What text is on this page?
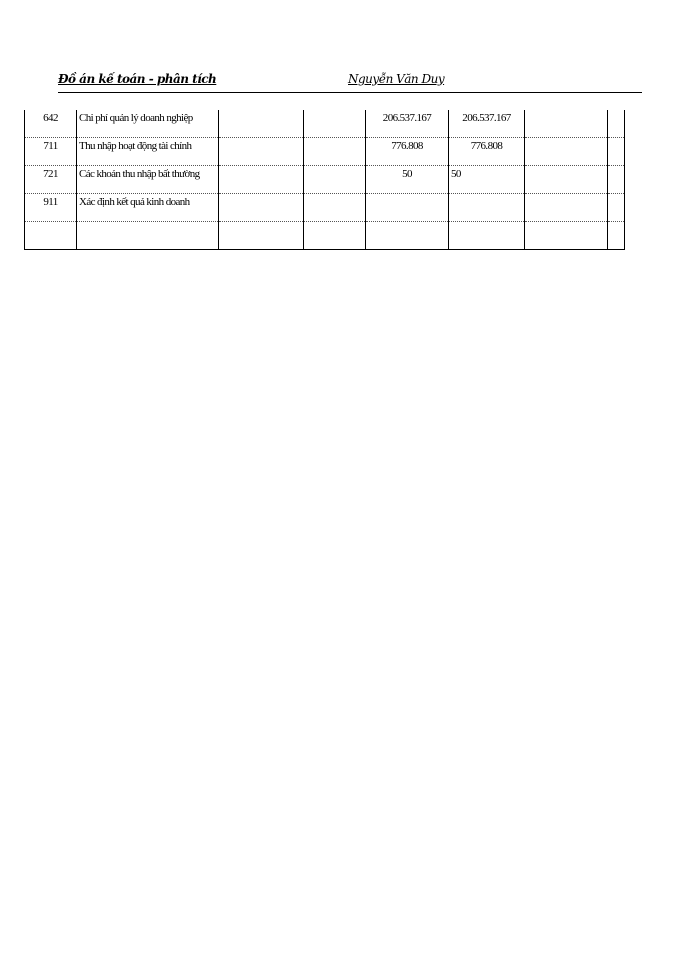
Đồ án kế toán - phân tích	Nguyễn Văn Duy
642	Chi phí quản lý doanh nghiệp			206.537.167	206.537.167		
711	Thu nhập hoạt động tài chính			776.808	776.808		
721	Các khoản thu nhập bất thường			50	50		
911	Xác định kết quả kinh doanh						
